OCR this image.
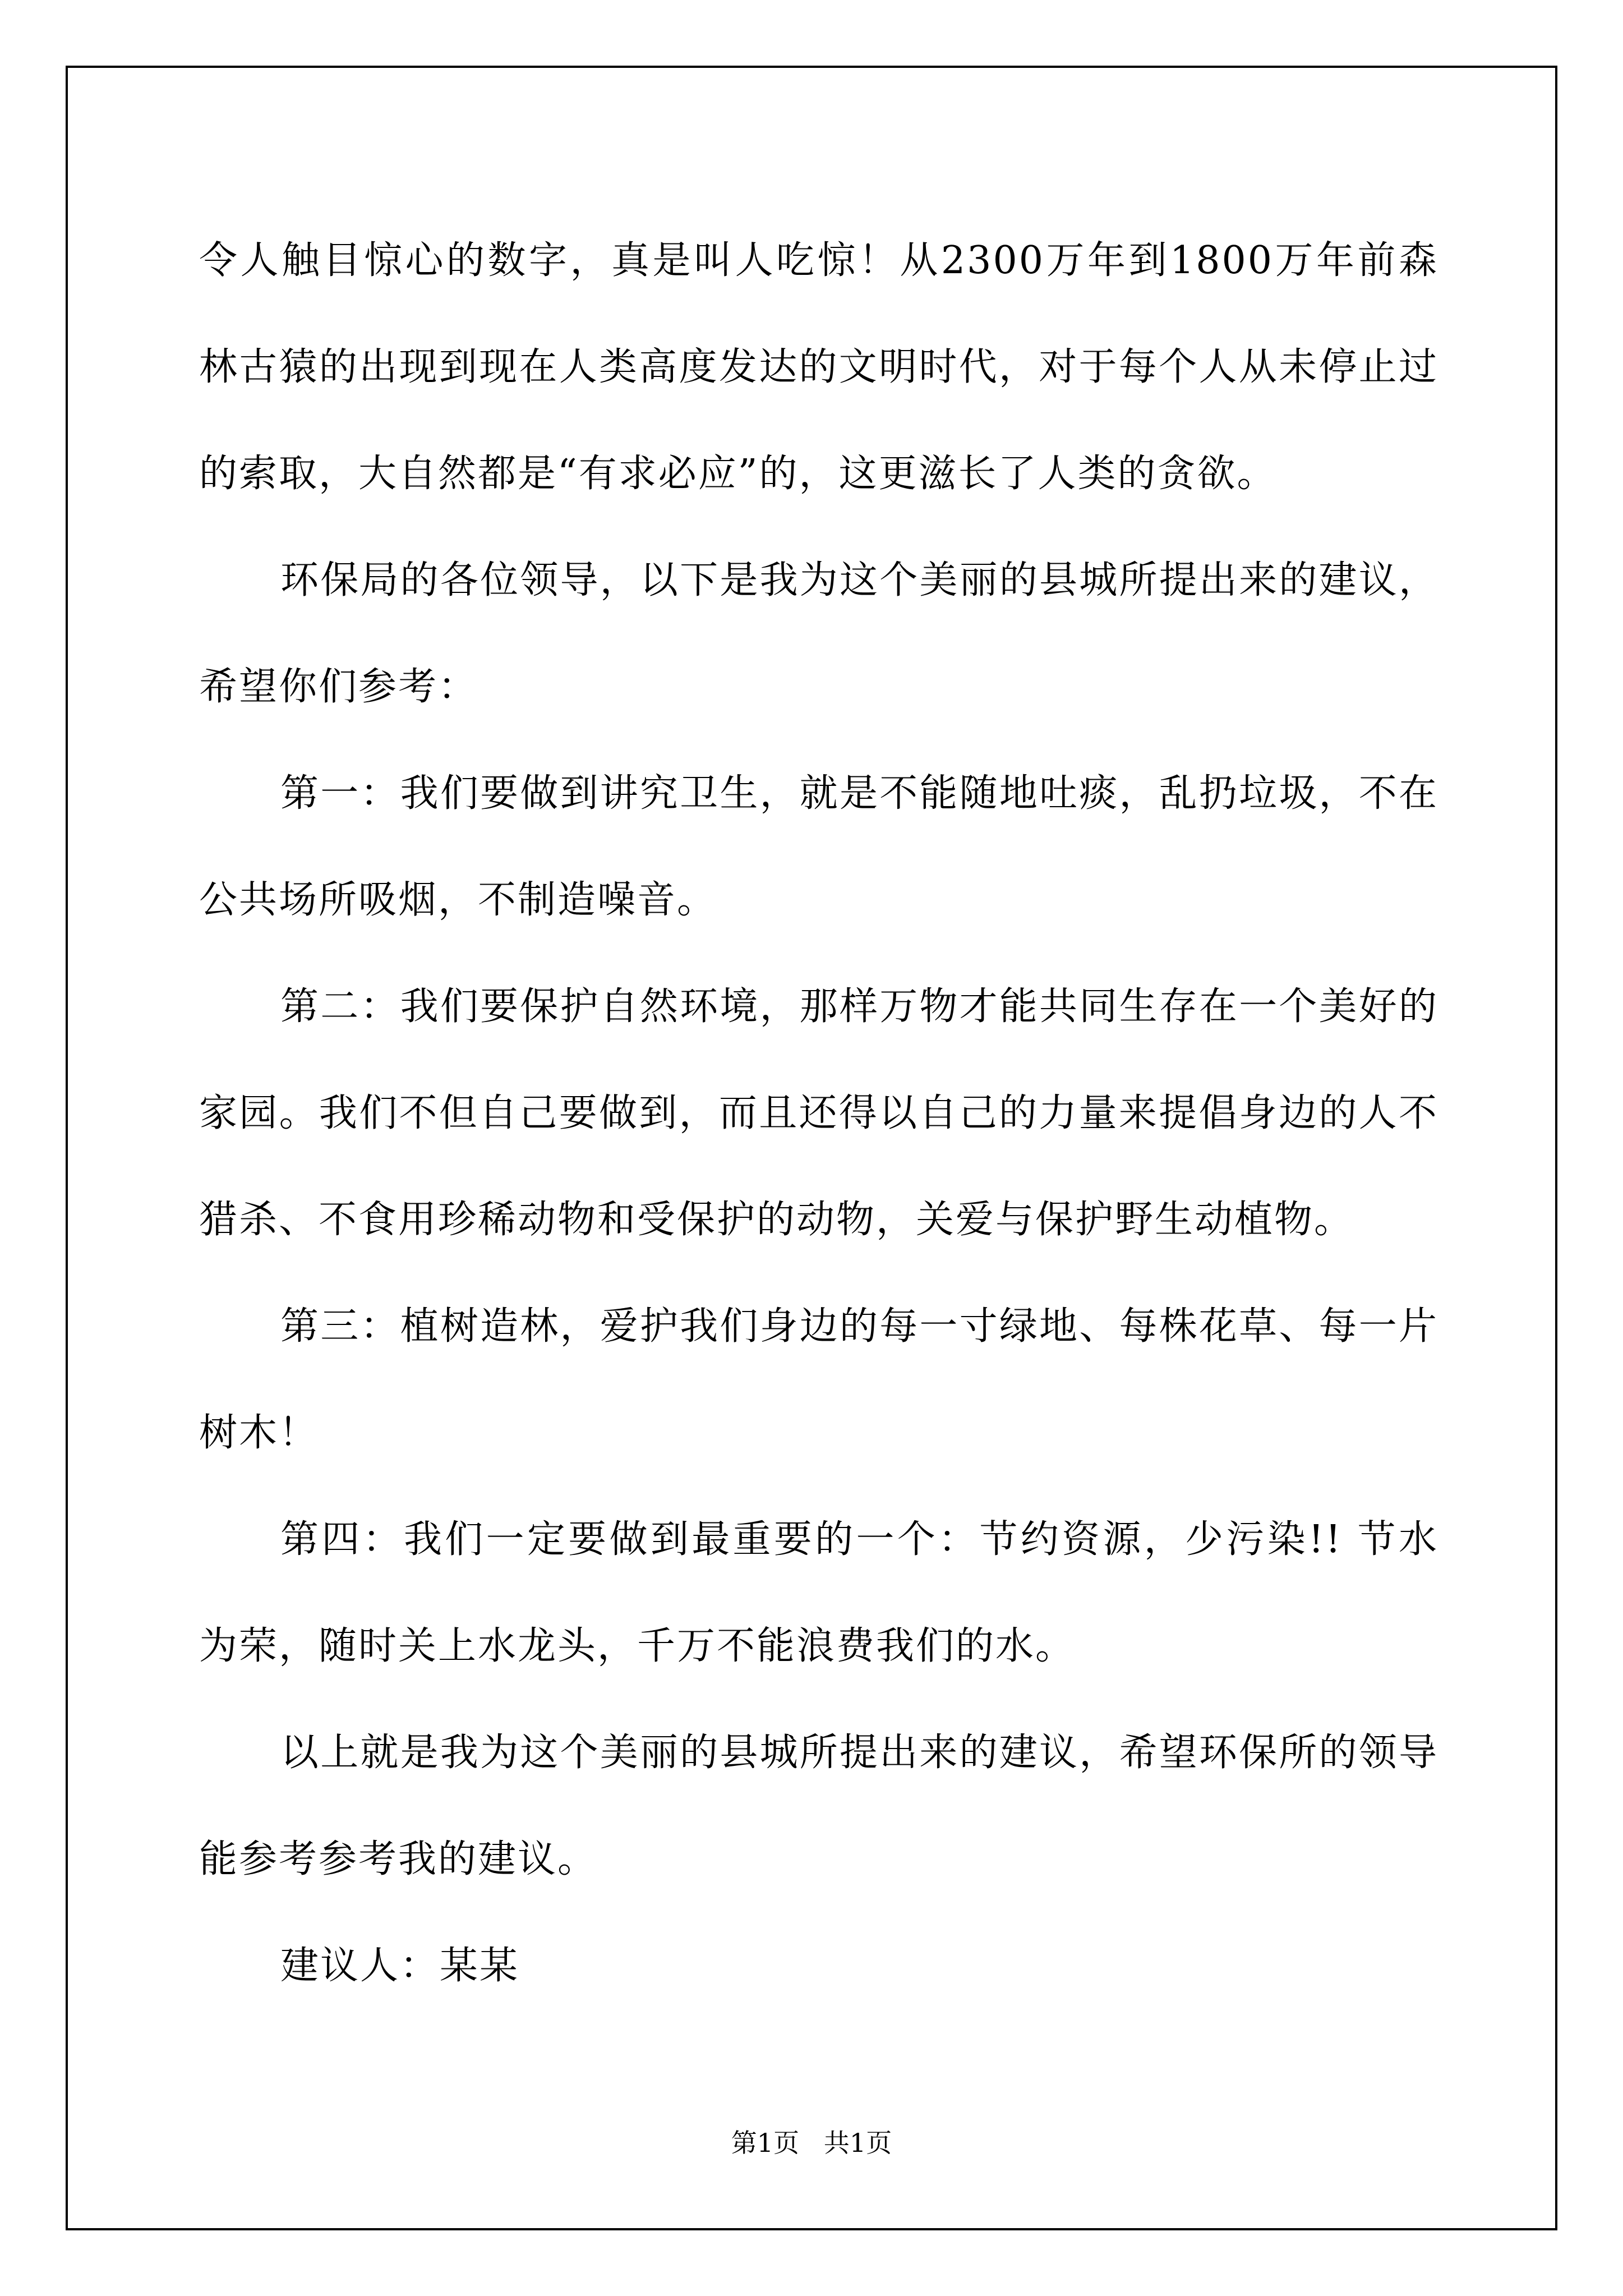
令人触目惊心的数字，真是叫人吃惊！从2300万年到1800万年前森林古猿的出现到现在人类高度发达的文明时代，对于每个人从未停止过的索取，大自然都是“有求必应”的，这更滋长了人类的贪欲。

环保局的各位领导，以下是我为这个美丽的县城所提出来的建议，希望你们参考：

第一：我们要做到讲究卫生，就是不能随地吐痰，乱扔垃圾，不在公共场所吸烟，不制造噪音。

第二：我们要保护自然环境，那样万物才能共同生存在一个美好的家园。我们不但自己要做到，而且还得以自己的力量来提倡身边的人不猎杀、不食用珍稀动物和受保护的动物，关爱与保护野生动植物。

第三：植树造林，爱护我们身边的每一寸绿地、每株花草、每一片树木！

第四：我们一定要做到最重要的一个：节约资源，少污染!! 节水为荣，随时关上水龙头，千万不能浪费我们的水。

以上就是我为这个美丽的县城所提出来的建议，希望环保所的领导能参考参考我的建议。

建议人：某某

第1页   共1页
